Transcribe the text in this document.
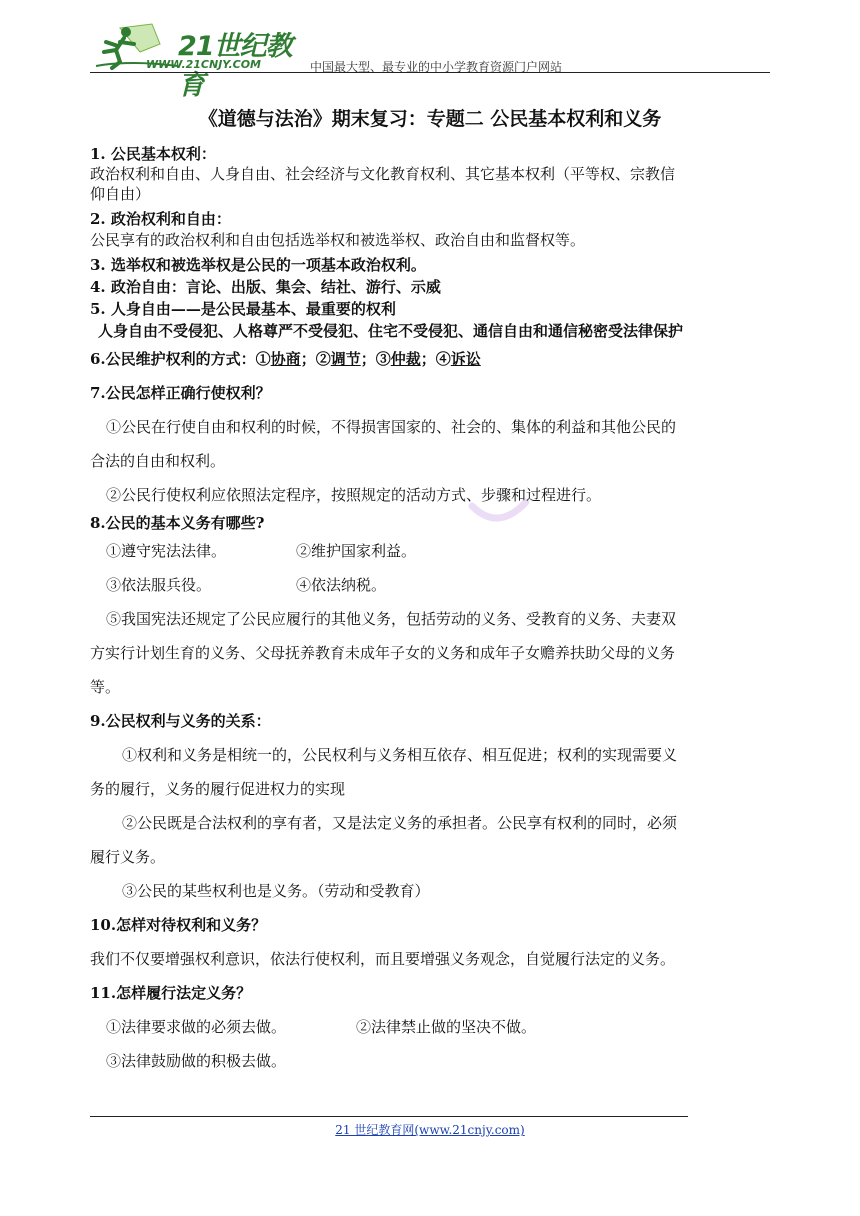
21世纪教育
WWW.21CNJY.COM	中国最大型、最专业的中小学教育资源门户网站
《道德与法治》期末复习：专题二 公民基本权利和义务
1. 公民基本权利：
政治权利和自由、人身自由、社会经济与文化教育权利、其它基本权利（平等权、宗教信
仰自由）
2. 政治权利和自由：
公民享有的政治权利和自由包括选举权和被选举权、政治自由和监督权等。
3. 选举权和被选举权是公民的一项基本政治权利。
4. 政治自由：言论、出版、集会、结社、游行、示威
5. 人身自由——是公民最基本、最重要的权利
人身自由不受侵犯、人格尊严不受侵犯、住宅不受侵犯、通信自由和通信秘密受法律保护
6.公民维护权利的方式：①协商；②调节；③仲裁；④诉讼
7.公民怎样正确行使权利？
①公民在行使自由和权利的时候，不得损害国家的、社会的、集体的利益和其他公民的
合法的自由和权利。
②公民行使权利应依照法定程序，按照规定的活动方式、步骤和过程进行。
8.公民的基本义务有哪些?
①遵守宪法法律。	②维护国家利益。
③依法服兵役。	④依法纳税。
⑤我国宪法还规定了公民应履行的其他义务，包括劳动的义务、受教育的义务、夫妻双
方实行计划生育的义务、父母抚养教育未成年子女的义务和成年子女赡养扶助父母的义务
等。
9.公民权利与义务的关系：
①权利和义务是相统一的，公民权利与义务相互依存、相互促进；权利的实现需要义
务的履行，义务的履行促进权力的实现
②公民既是合法权利的享有者，又是法定义务的承担者。公民享有权利的同时，必须
履行义务。
③公民的某些权利也是义务。（劳动和受教育）
10.怎样对待权利和义务？
我们不仅要增强权利意识，依法行使权利，而且要增强义务观念，自觉履行法定的义务。
11.怎样履行法定义务？
①法律要求做的必须去做。	②法律禁止做的坚决不做。
③法律鼓励做的积极去做。
21 世纪教育网(www.21cnjy.com)
